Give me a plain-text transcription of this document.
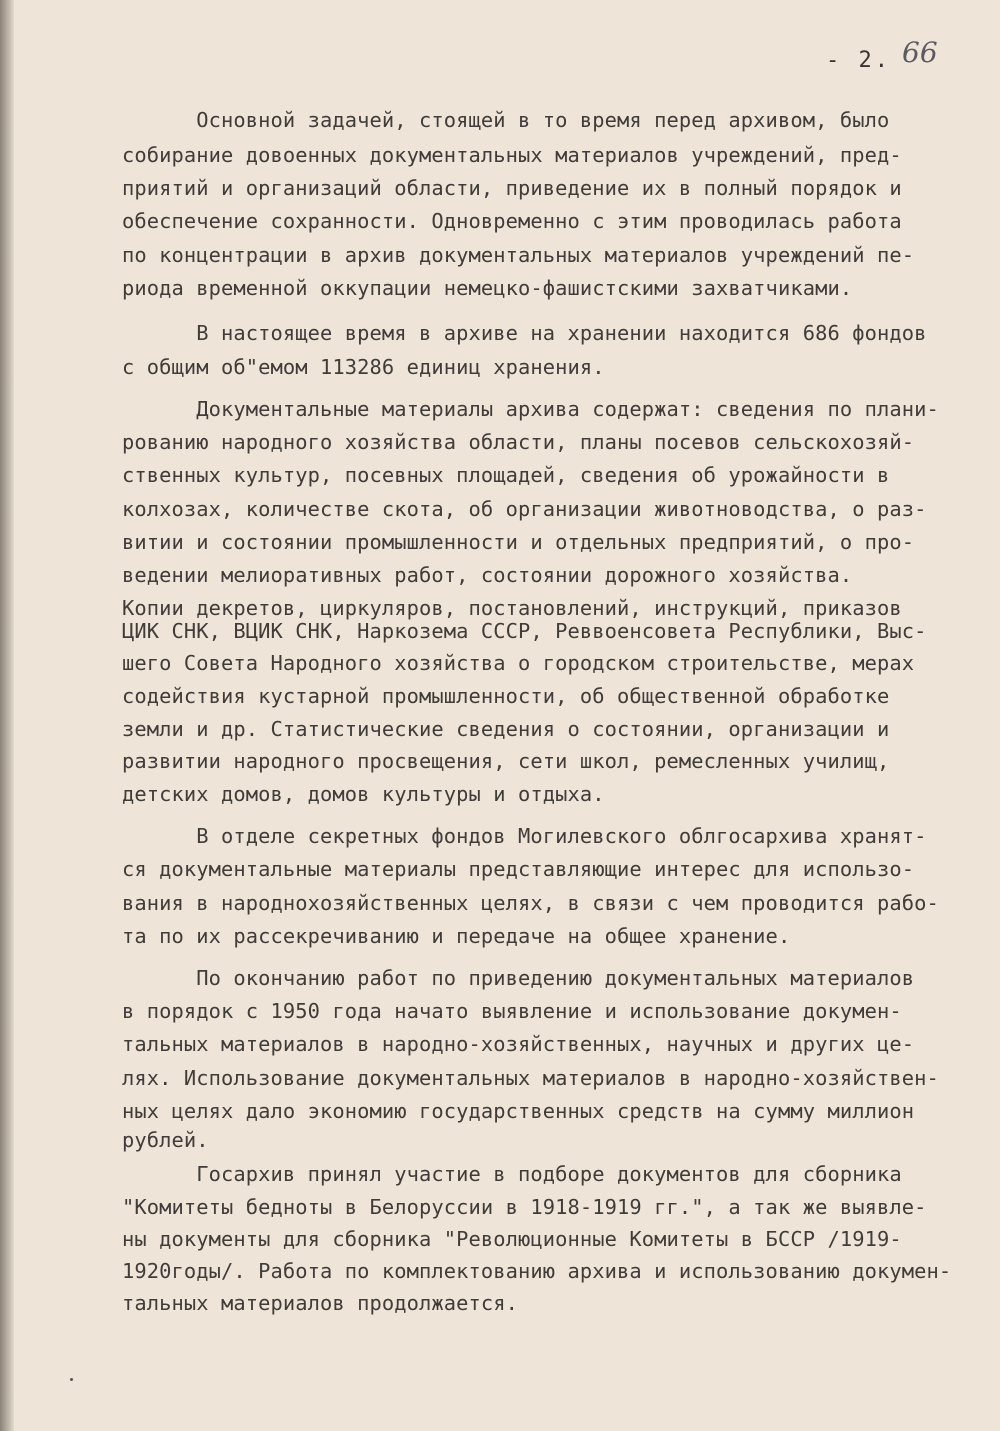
- 2. 66
Основной задачей, стоящей в то время перед архивом, было
собирание довоенных документальных материалов учреждений, пред-
приятий и организаций области, приведение их в полный порядок и
обеспечение сохранности. Одновременно с этим проводилась работа
по концентрации в архив документальных материалов учреждений пе-
риода временной оккупации немецко-фашистскими захватчиками.
В настоящее время в архиве на хранении находится 686 фондов
с общим об"емом 113286 единиц хранения.
Документальные материалы архива содержат: сведения по плани-
рованию народного хозяйства области, планы посевов сельскохозяй-
ственных культур, посевных площадей, сведения об урожайности в
колхозах, количестве скота, об организации животноводства, о раз-
витии и состоянии промышленности и отдельных предприятий, о про-
ведении мелиоративных работ, состоянии дорожного хозяйства.
Копии декретов, циркуляров, постановлений, инструкций, приказов
ЦИК СНК, ВЦИК СНК, Наркозема СССР, Реввоенсовета Республики, Выс-
шего Совета Народного хозяйства о городском строительстве, мерах
содействия кустарной промышленности, об общественной обработке
земли и др. Статистические сведения о состоянии, организации и
развитии народного просвещения, сети школ, ремесленных училищ,
детских домов, домов культуры и отдыха.
В отделе секретных фондов Могилевского облгосархива хранят-
ся документальные материалы представляющие интерес для использо-
вания в народнохозяйственных целях, в связи с чем проводится рабо-
та по их рассекречиванию и передаче на общее хранение.
По окончанию работ по приведению документальных материалов
в порядок с 1950 года начато выявление и использование докумен-
тальных материалов в народно-хозяйственных, научных и других це-
лях. Использование документальных материалов в народно-хозяйствен-
ных целях дало экономию государственных средств на сумму миллион
рублей.
Госархив принял участие в подборе документов для сборника
"Комитеты бедноты в Белоруссии в 1918-1919 гг.", а так же выявле-
ны документы для сборника "Революционные Комитеты в БССР /1919-
1920годы/. Работа по комплектованию архива и использованию докумен-
тальных материалов продолжается.
